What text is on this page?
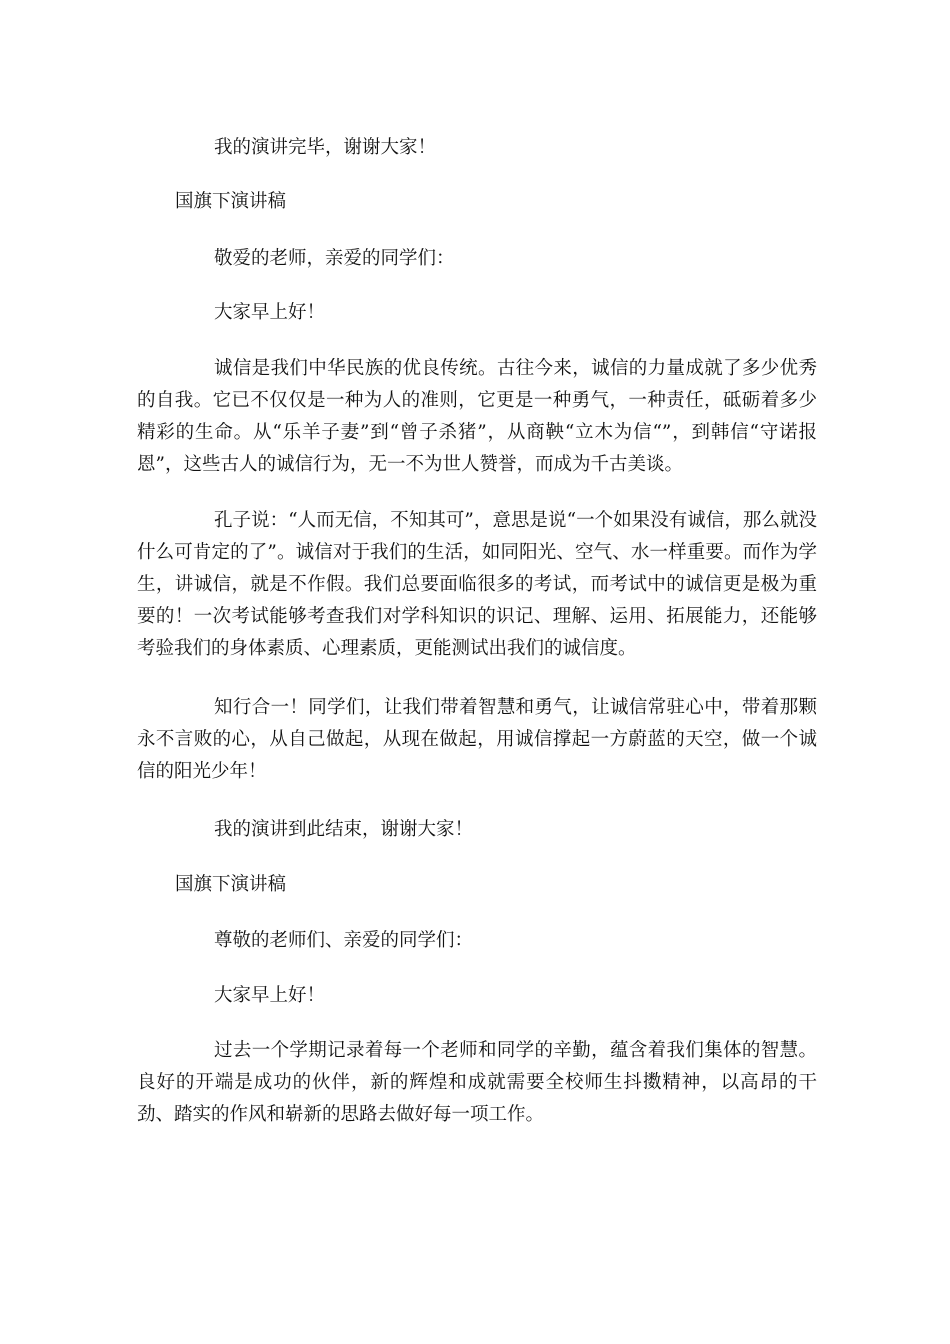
我的演讲完毕，谢谢大家！

国旗下演讲稿

敬爱的老师，亲爱的同学们：

大家早上好！

诚信是我们中华民族的优良传统。古往今来，诚信的力量成就了多少优秀的自我。它已不仅仅是一种为人的准则，它更是一种勇气，一种责任，砥砺着多少精彩的生命。从“乐羊子妻”到“曾子杀猪”，从商鞅“立木为信“”，到韩信“守诺报恩”，这些古人的诚信行为，无一不为世人赞誉，而成为千古美谈。

孔子说：“人而无信，不知其可”，意思是说“一个如果没有诚信，那么就没什么可肯定的了”。诚信对于我们的生活，如同阳光、空气、水一样重要。而作为学生，讲诚信，就是不作假。我们总要面临很多的考试，而考试中的诚信更是极为重要的！一次考试能够考查我们对学科知识的识记、理解、运用、拓展能力，还能够考验我们的身体素质、心理素质，更能测试出我们的诚信度。

知行合一！同学们，让我们带着智慧和勇气，让诚信常驻心中，带着那颗永不言败的心，从自己做起，从现在做起，用诚信撑起一方蔚蓝的天空，做一个诚信的阳光少年！

我的演讲到此结束，谢谢大家！

国旗下演讲稿

尊敬的老师们、亲爱的同学们：

大家早上好！

过去一个学期记录着每一个老师和同学的辛勤，蕴含着我们集体的智慧。良好的开端是成功的伙伴，新的辉煌和成就需要全校师生抖擞精神，以高昂的干劲、踏实的作风和崭新的思路去做好每一项工作。
